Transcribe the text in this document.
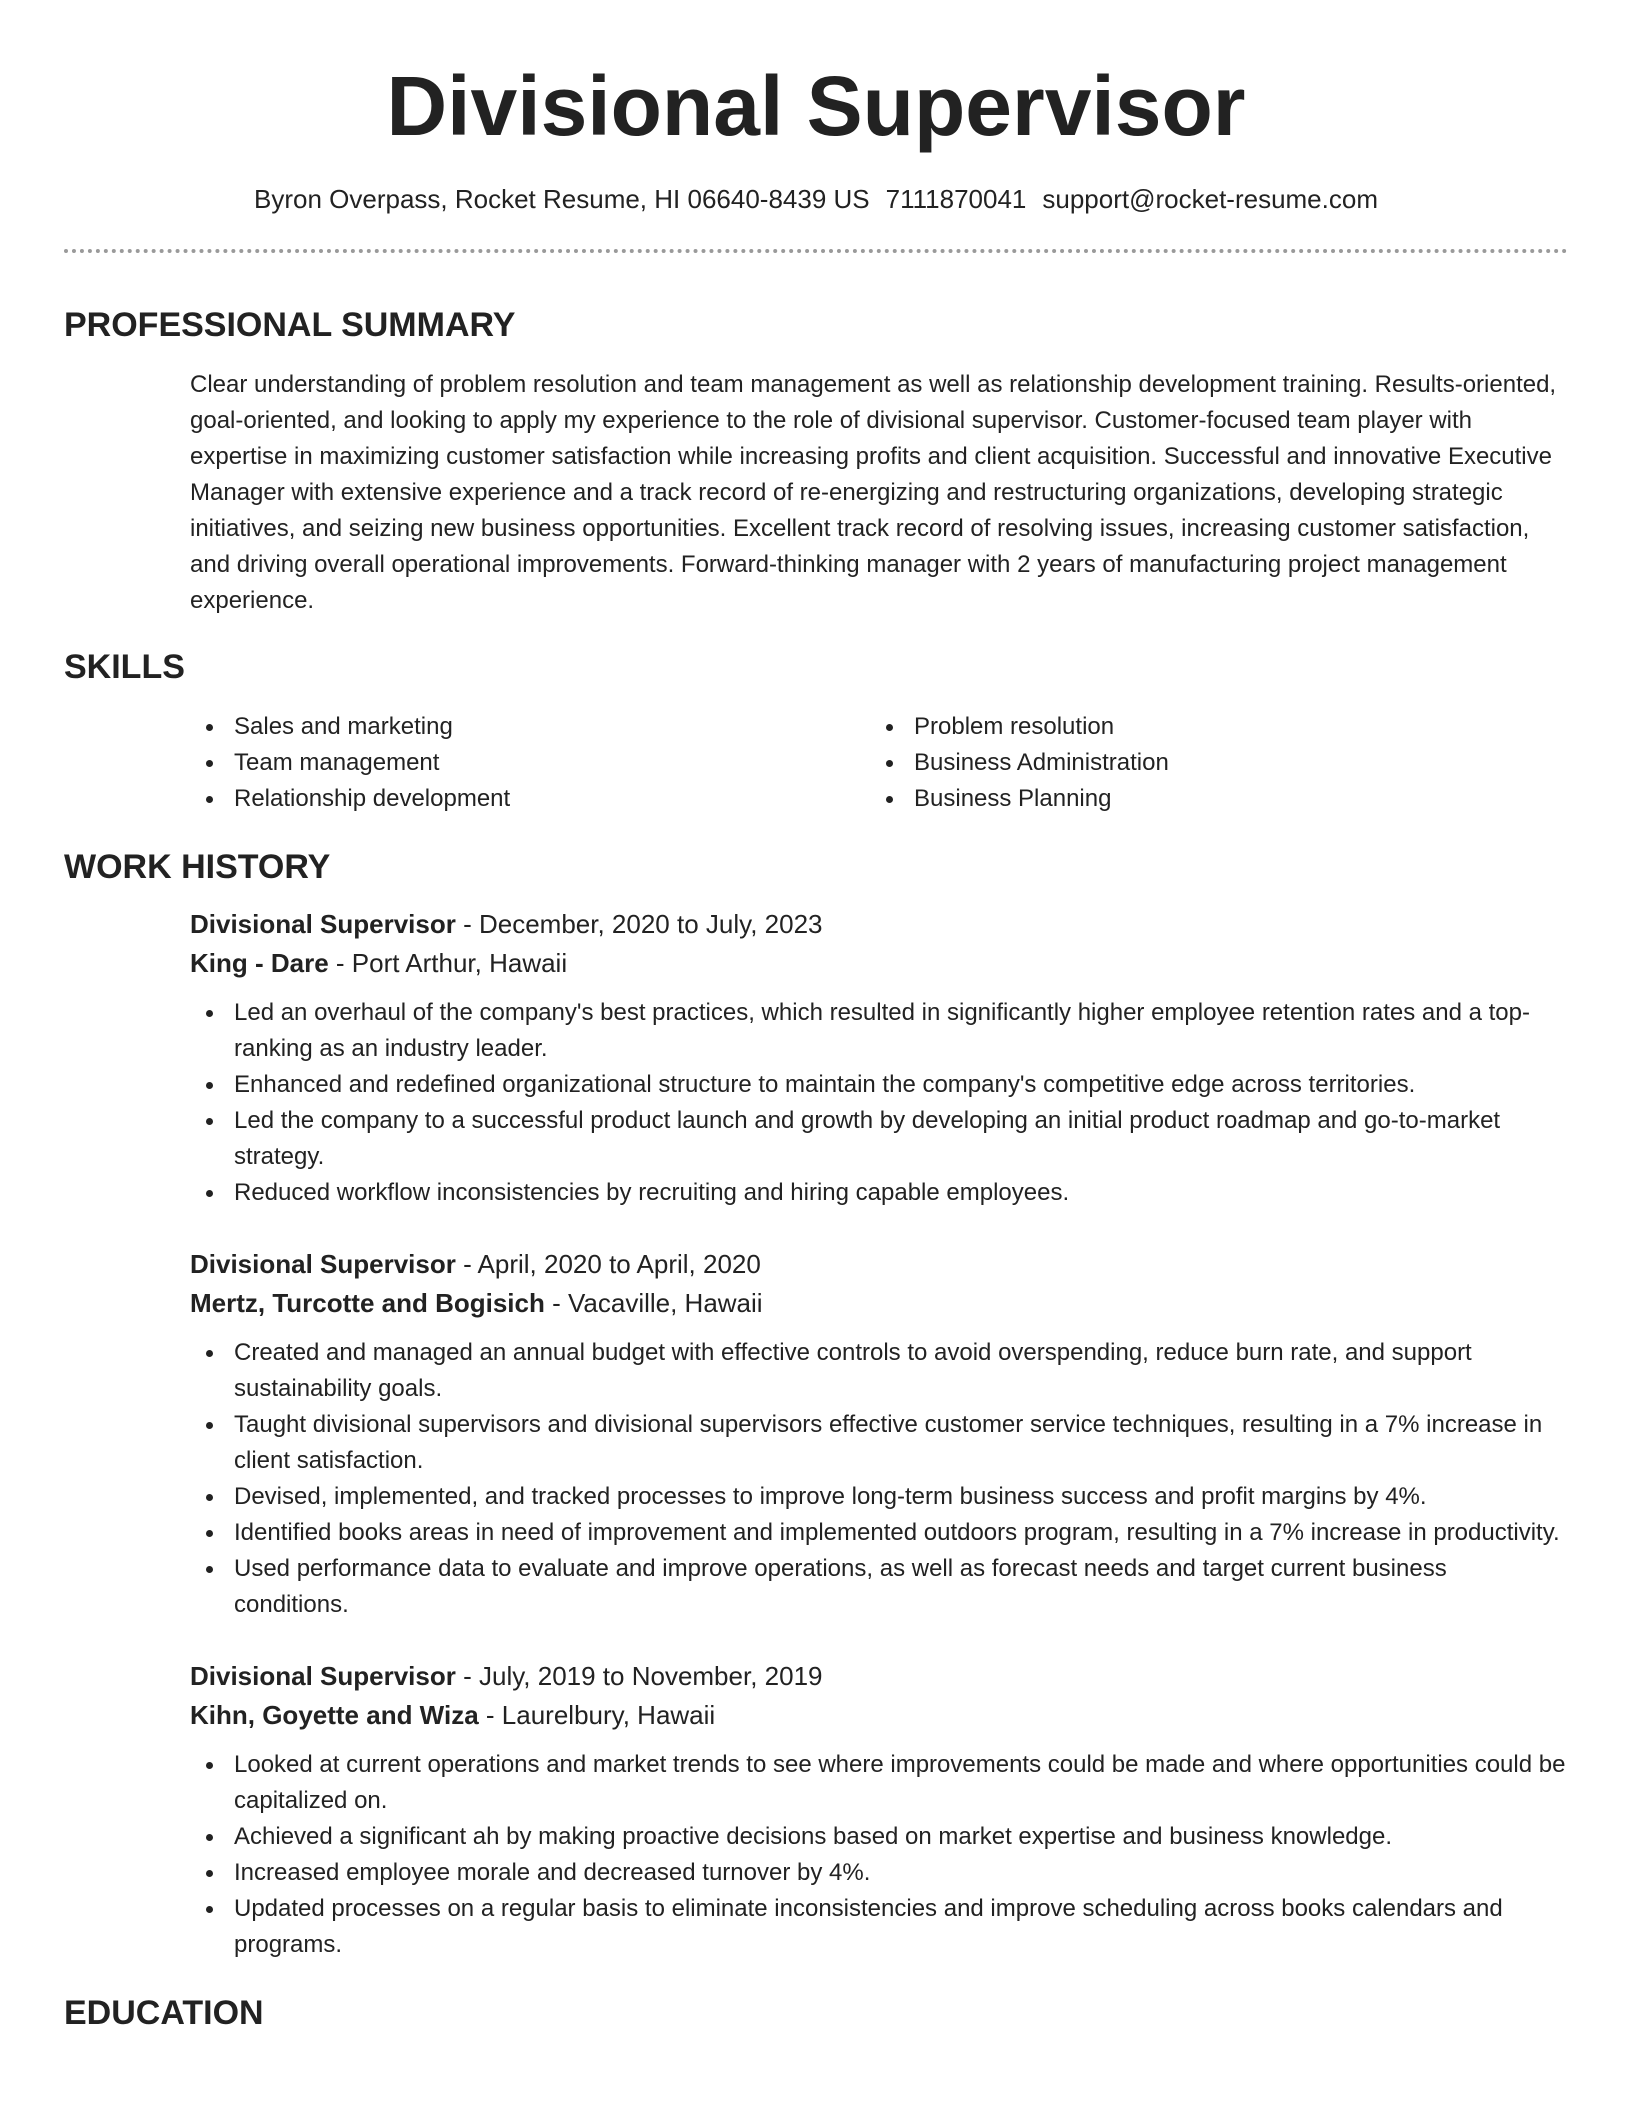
Divisional Supervisor
Byron Overpass, Rocket Resume, HI 06640-8439 US 7111870041 support@rocket-resume.com
PROFESSIONAL SUMMARY
Clear understanding of problem resolution and team management as well as relationship development training. Results-oriented, goal-oriented, and looking to apply my experience to the role of divisional supervisor. Customer-focused team player with expertise in maximizing customer satisfaction while increasing profits and client acquisition. Successful and innovative Executive Manager with extensive experience and a track record of re-energizing and restructuring organizations, developing strategic initiatives, and seizing new business opportunities. Excellent track record of resolving issues, increasing customer satisfaction, and driving overall operational improvements. Forward-thinking manager with 2 years of manufacturing project management experience.
SKILLS
Sales and marketing	Problem resolution
Team management	Business Administration
Relationship development	Business Planning
WORK HISTORY
Divisional Supervisor - December, 2020 to July, 2023
King - Dare - Port Arthur, Hawaii
Led an overhaul of the company's best practices, which resulted in significantly higher employee retention rates and a top-ranking as an industry leader.
Enhanced and redefined organizational structure to maintain the company's competitive edge across territories.
Led the company to a successful product launch and growth by developing an initial product roadmap and go-to-market strategy.
Reduced workflow inconsistencies by recruiting and hiring capable employees.
Divisional Supervisor - April, 2020 to April, 2020
Mertz, Turcotte and Bogisich - Vacaville, Hawaii
Created and managed an annual budget with effective controls to avoid overspending, reduce burn rate, and support sustainability goals.
Taught divisional supervisors and divisional supervisors effective customer service techniques, resulting in a 7% increase in client satisfaction.
Devised, implemented, and tracked processes to improve long-term business success and profit margins by 4%.
Identified books areas in need of improvement and implemented outdoors program, resulting in a 7% increase in productivity.
Used performance data to evaluate and improve operations, as well as forecast needs and target current business conditions.
Divisional Supervisor - July, 2019 to November, 2019
Kihn, Goyette and Wiza - Laurelbury, Hawaii
Looked at current operations and market trends to see where improvements could be made and where opportunities could be capitalized on.
Achieved a significant ah by making proactive decisions based on market expertise and business knowledge.
Increased employee morale and decreased turnover by 4%.
Updated processes on a regular basis to eliminate inconsistencies and improve scheduling across books calendars and programs.
EDUCATION
